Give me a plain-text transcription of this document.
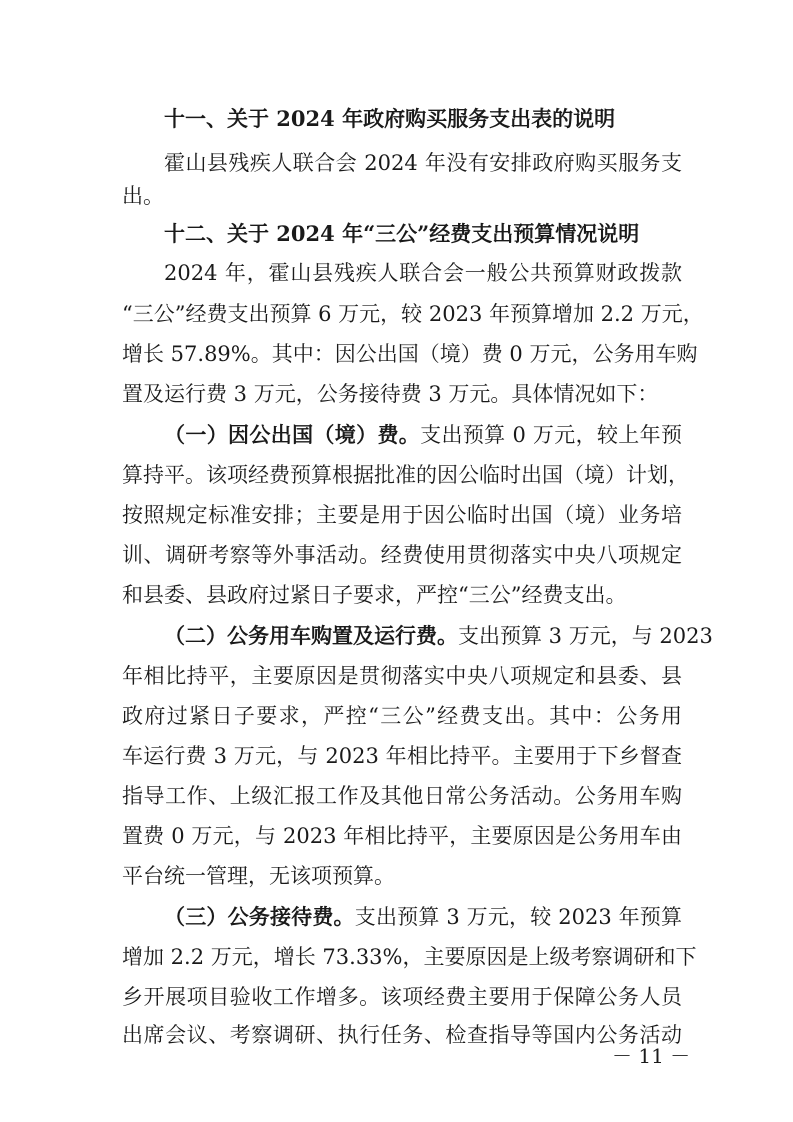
十一、关于 2024 年政府购买服务支出表的说明
霍山县残疾人联合会 2024 年没有安排政府购买服务支
出。
十二、关于 2024 年“三公”经费支出预算情况说明
2024 年，霍山县残疾人联合会一般公共预算财政拨款
“三公”经费支出预算 6 万元，较 2023 年预算增加 2.2 万元，
增长 57.89%。其中：因公出国（境）费 0 万元，公务用车购
置及运行费 3 万元，公务接待费 3 万元。具体情况如下：
（一）因公出国（境）费。支出预算 0 万元，较上年预
算持平。该项经费预算根据批准的因公临时出国（境）计划，
按照规定标准安排；主要是用于因公临时出国（境）业务培
训、调研考察等外事活动。经费使用贯彻落实中央八项规定
和县委、县政府过紧日子要求，严控“三公”经费支出。
（二）公务用车购置及运行费。支出预算 3 万元，与 2023
年相比持平，主要原因是贯彻落实中央八项规定和县委、县
政府过紧日子要求，严控“三公”经费支出。其中：公务用
车运行费 3 万元，与 2023 年相比持平。主要用于下乡督查
指导工作、上级汇报工作及其他日常公务活动。公务用车购
置费 0 万元，与 2023 年相比持平，主要原因是公务用车由
平台统一管理，无该项预算。
（三）公务接待费。支出预算 3 万元，较 2023 年预算
增加 2.2 万元，增长 73.33%，主要原因是上级考察调研和下
乡开展项目验收工作增多。该项经费主要用于保障公务人员
出席会议、考察调研、执行任务、检查指导等国内公务活动
－ 11 －
